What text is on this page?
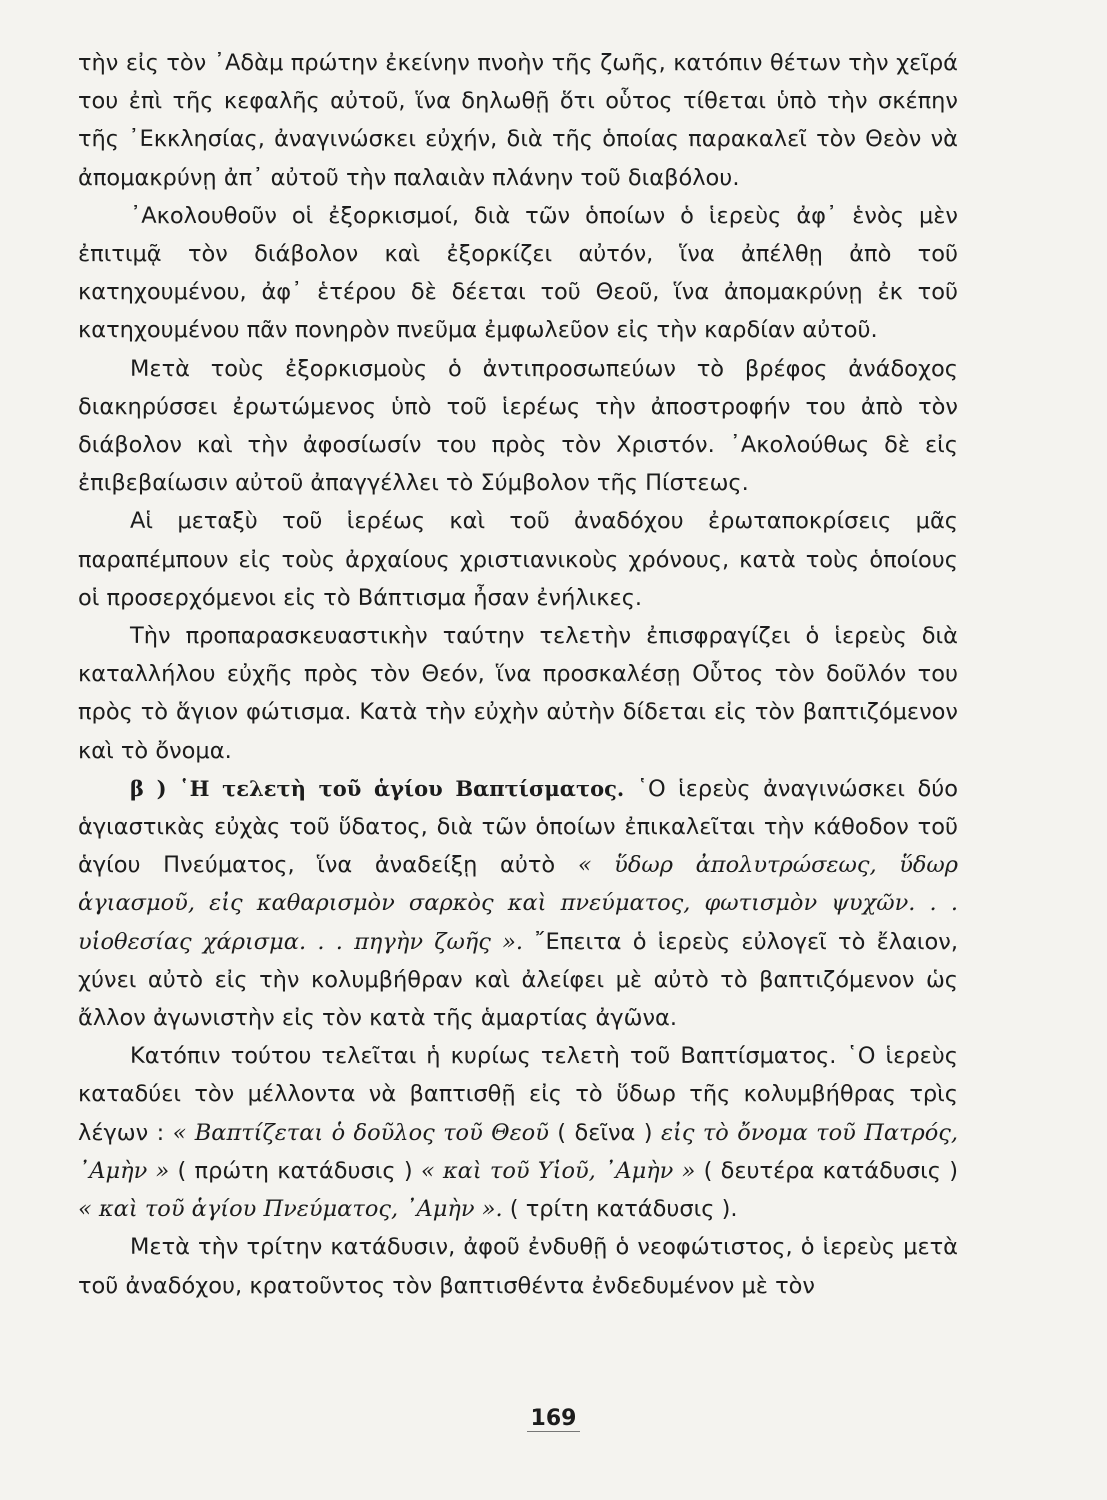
τὴν εἰς τὸν ᾿Αδὰμ πρώτην ἐκείνην πνοὴν τῆς ζωῆς, κατόπιν θέτων τὴν χεῖρά του ἐπὶ τῆς κεφαλῆς αὐτοῦ, ἵνα δηλωθῇ ὅτι οὗτος τίθεται ὑπὸ τὴν σκέπην τῆς ᾿Εκκλησίας, ἀναγινώσκει εὐχήν, διὰ τῆς ὁποίας παρακαλεῖ τὸν Θεὸν νὰ ἀπομακρύνῃ ἀπ᾿ αὐτοῦ τὴν παλαιὰν πλάνην τοῦ διαβόλου.

᾿Ακολουθοῦν οἱ ἐξορκισμοί, διὰ τῶν ὁποίων ὁ ἱερεὺς ἀφ᾿ ἑνὸς μὲν ἐπιτιμᾷ τὸν διάβολον καὶ ἐξορκίζει αὐτόν, ἵνα ἀπέλθῃ ἀπὸ τοῦ κατηχουμένου, ἀφ᾿ ἑτέρου δὲ δέεται τοῦ Θεοῦ, ἵνα ἀπομακρύνῃ ἐκ τοῦ κατηχουμένου πᾶν πονηρὸν πνεῦμα ἐμφωλεῦον εἰς τὴν καρδίαν αὐτοῦ.

Μετὰ τοὺς ἐξορκισμοὺς ὁ ἀντιπροσωπεύων τὸ βρέφος ἀνάδοχος διακηρύσσει ἐρωτώμενος ὑπὸ τοῦ ἱερέως τὴν ἀποστροφήν του ἀπὸ τὸν διάβολον καὶ τὴν ἀφοσίωσίν του πρὸς τὸν Χριστόν. ᾿Ακολούθως δὲ εἰς ἐπιβεβαίωσιν αὐτοῦ ἀπαγγέλλει τὸ Σύμβολον τῆς Πίστεως.

Αἱ μεταξὺ τοῦ ἱερέως καὶ τοῦ ἀναδόχου ἐρωταποκρίσεις μᾶς παραπέμπουν εἰς τοὺς ἀρχαίους χριστιανικοὺς χρόνους, κατὰ τοὺς ὁποίους οἱ προσερχόμενοι εἰς τὸ Βάπτισμα ἦσαν ἐνήλικες.

Τὴν προπαρασκευαστικὴν ταύτην τελετὴν ἐπισφραγίζει ὁ ἱερεὺς διὰ καταλλήλου εὐχῆς πρὸς τὸν Θεόν, ἵνα προσκαλέσῃ Οὗτος τὸν δοῦλόν του πρὸς τὸ ἅγιον φώτισμα. Κατὰ τὴν εὐχὴν αὐτὴν δίδεται εἰς τὸν βαπτιζόμενον καὶ τὸ ὄνομα.

β ) ῾Η τελετὴ τοῦ ἁγίου Βαπτίσματος. ῾Ο ἱερεὺς ἀναγινώσκει δύο ἁγιαστικὰς εὐχὰς τοῦ ὕδατος, διὰ τῶν ὁποίων ἐπικαλεῖται τὴν κάθοδον τοῦ ἁγίου Πνεύματος, ἵνα ἀναδείξῃ αὐτὸ « ὕδωρ ἀπολυτρώσεως, ὕδωρ ἁγιασμοῦ, εἰς καθαρισμὸν σαρκὸς καὶ πνεύματος, φωτισμὸν ψυχῶν. . . υἱοθεσίας χάρισμα. . . πηγὴν ζωῆς ». ῎Επειτα ὁ ἱερεὺς εὐλογεῖ τὸ ἔλαιον, χύνει αὐτὸ εἰς τὴν κολυμβήθραν καὶ ἀλείφει μὲ αὐτὸ τὸ βαπτιζόμενον ὡς ἄλλον ἀγωνιστὴν εἰς τὸν κατὰ τῆς ἁμαρτίας ἀγῶνα.

Κατόπιν τούτου τελεῖται ἡ κυρίως τελετὴ τοῦ Βαπτίσματος. ῾Ο ἱερεὺς καταδύει τὸν μέλλοντα νὰ βαπτισθῇ εἰς τὸ ὕδωρ τῆς κολυμβήθρας τρὶς λέγων : « Βαπτίζεται ὁ δοῦλος τοῦ Θεοῦ ( δεῖνα ) εἰς τὸ ὄνομα τοῦ Πατρός, ᾿Αμὴν » ( πρώτη κατάδυσις ) « καὶ τοῦ Υἱοῦ, ᾿Αμὴν » ( δευτέρα κατάδυσις ) « καὶ τοῦ ἁγίου Πνεύματος, ᾿Αμὴν ». ( τρίτη κατάδυσις ).

Μετὰ τὴν τρίτην κατάδυσιν, ἀφοῦ ἐνδυθῇ ὁ νεοφώτιστος, ὁ ἱερεὺς μετὰ τοῦ ἀναδόχου, κρατοῦντος τὸν βαπτισθέντα ἐνδεδυμένον μὲ τὸν

169
